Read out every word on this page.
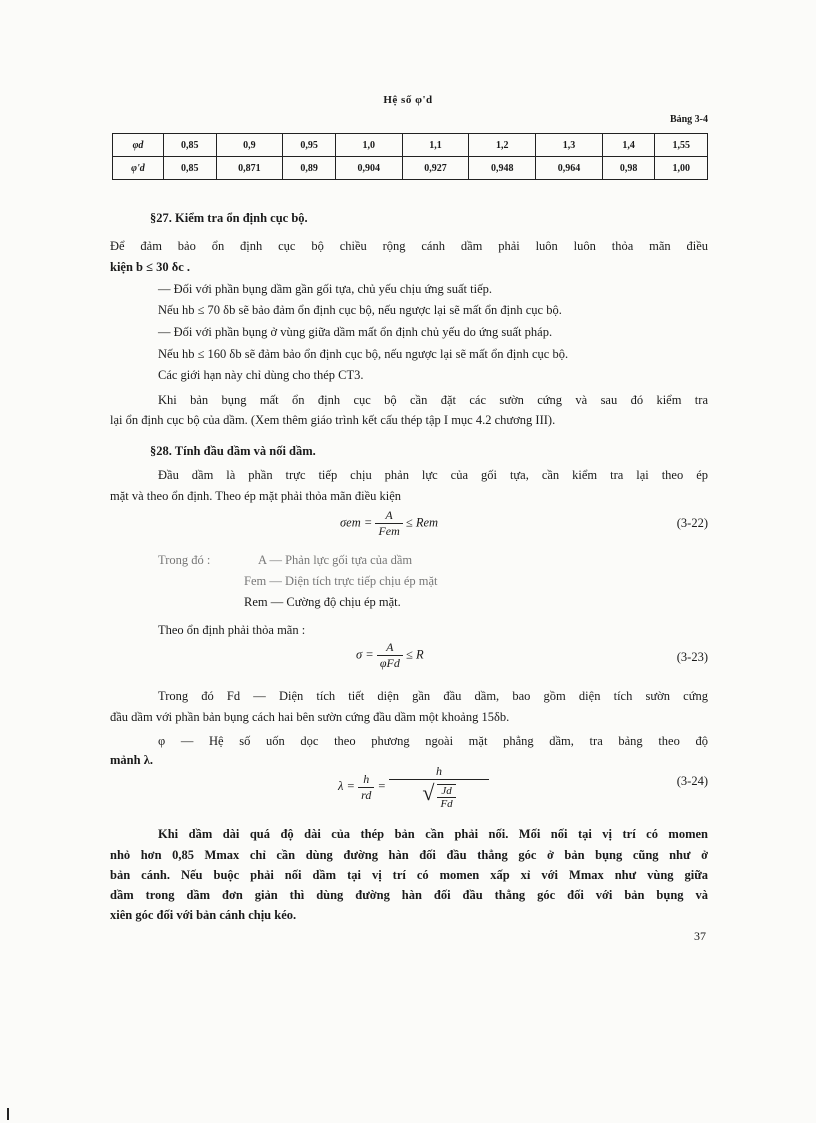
Hệ số φ'd
Bảng 3-4
φd	0,85	0,9	0,95	1,0	1,1	1,2	1,3	1,4	1,55
φ'd	0,85	0,871	0,89	0,904	0,927	0,948	0,964	0,98	1,00

§27. Kiểm tra ổn định cục bộ.

Để đảm bảo ổn định cục bộ chiều rộng cánh dầm phải luôn luôn thỏa mãn điều

kiện b ≤ 30 δc .

— Đối với phần bụng dầm gần gối tựa, chủ yếu chịu ứng suất tiếp.

Nếu hb ≤ 70 δb sẽ bảo đảm ổn định cục bộ, nếu ngược lại sẽ mất ổn định cục bộ.

— Đối với phần bụng ở vùng giữa dầm mất ổn định chủ yếu do ứng suất pháp.

Nếu hb ≤ 160 δb sẽ đảm bảo ổn định cục bộ, nếu ngược lại sẽ mất ổn định cục bộ.

Các giới hạn này chỉ dùng cho thép CT3.

Khi bản bụng mất ổn định cục bộ cần đặt các sườn cứng và sau đó kiểm tra

lại ổn định cục bộ của dầm. (Xem thêm giáo trình kết cấu thép tập I mục 4.2 chương III).

§28. Tính đầu dầm và nối dầm.

Đầu dầm là phần trực tiếp chịu phản lực của gối tựa, cần kiểm tra lại theo ép

mặt và theo ổn định. Theo ép mặt phải thỏa mãn điều kiện

$\sigma em = \frac{A}{\text{Fem}}$ ≤ Rem	(3-22)

Trong đó :	A — Phản lực gối tựa của dầm

Fem — Diện tích trực tiếp chịu ép mặt

Rem — Cường độ chịu ép mặt.

Theo ổn định phải thỏa mãn :

$\sigma = \frac{A}{\text{φFd}} \le R$	(3-23)

Trong đó Fd — Diện tích tiết diện gần đầu dầm, bao gồm diện tích sườn cứng

đầu dầm với phần bản bụng cách hai bên sườn cứng đầu dầm một khoảng 15δb.

φ — Hệ số uốn dọc theo phương ngoài mặt phẳng dầm, tra bảng theo độ

mảnh λ.

$\lambda = \frac{h}{rd} = \frac{h}{√ \frac{Jd}{Fd}}$	(3-24)

Khi dầm dài quá độ dài của thép bản cần phải nối. Mối nối tại vị trí có momen

nhỏ hơn 0,85 Mmax chỉ cần dùng đường hàn đối đầu thẳng góc ở bản bụng cũng như ở

bản cánh. Nếu buộc phải nối dầm tại vị trí có momen xấp xỉ với Mmax như vùng giữa

dầm trong dầm đơn giản thì dùng đường hàn đối đầu thẳng góc đối với bản bụng và

xiên góc đối với bản cánh chịu kéo.

37
